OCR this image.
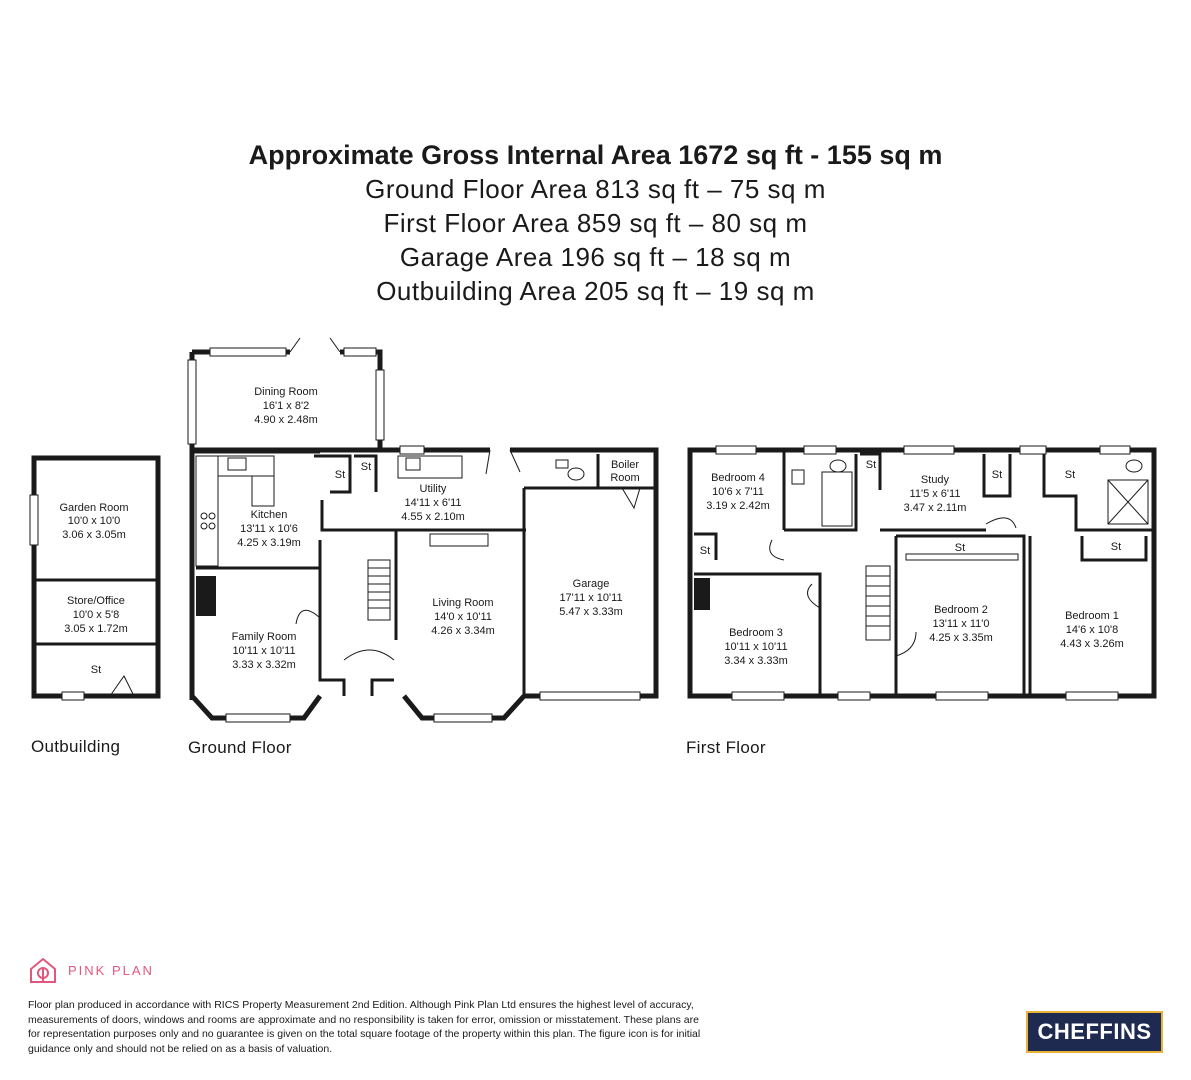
Approximate Gross Internal Area 1672 sq ft - 155 sq m
Ground Floor Area 813 sq ft – 75 sq m
First Floor Area 859 sq ft – 80 sq m
Garage Area 196 sq ft – 18 sq m
Outbuilding Area 205 sq ft – 19 sq m
Garden Room
10'0 x 10'0
3.06 x 3.05m
Store/Office
10'0 x 5'8
3.05 x 1.72m
St
Dining Room
16'1 x 8'2
4.90 x 2.48m
Kitchen
13'11 x 10'6
4.25 x 3.19m
St
St
Utility
14'11 x 6'11
4.55 x 2.10m
Boiler
Room
Family Room
10'11 x 10'11
3.33 x 3.32m
Living Room
14'0 x 10'11
4.26 x 3.34m
Garage
17'11 x 10'11
5.47 x 3.33m
Bedroom 4
10'6 x 7'11
3.19 x 2.42m
St
St
Study
11'5 x 6'11
3.47 x 2.11m
St	St
St	St
Bedroom 3
10'11 x 10'11
3.34 x 3.33m
Bedroom 2
13'11 x 11'0
4.25 x 3.35m
Bedroom 1
14'6 x 10'8
4.43 x 3.26m
Outbuilding	Ground Floor	First Floor
PINK PLAN
Floor plan produced in accordance with RICS Property Measurement 2nd Edition. Although Pink Plan Ltd ensures the highest level of accuracy, measurements of doors, windows and rooms are approximate and no responsibility is taken for error, omission or misstatement. These plans are for representation purposes only and no guarantee is given on the total square footage of the property within this plan. The figure icon is for initial guidance only and should not be relied on as a basis of valuation.
CHEFFINS
